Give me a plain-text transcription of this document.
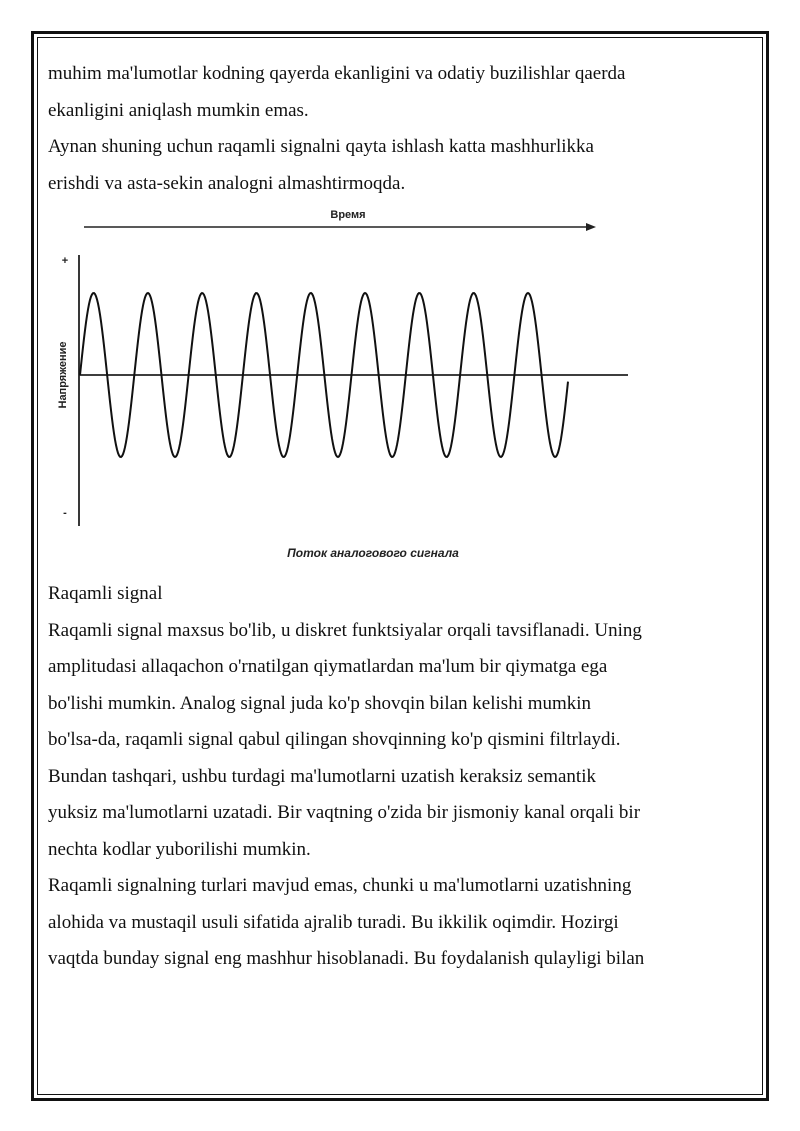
muhim ma'lumotlar kodning qayerda ekanligini va odatiy buzilishlar qaerda
ekanligini aniqlash mumkin emas.

Aynan shuning uchun raqamli signalni qayta ishlash katta mashhurlikka
erishdi va asta-sekin analogni almashtirmoqda.

Время
+
-
Напряжение
Поток аналогового сигнала

Raqamli signal

Raqamli signal maxsus bo'lib, u diskret funktsiyalar orqali tavsiflanadi. Uning
amplitudasi allaqachon o'rnatilgan qiymatlardan ma'lum bir qiymatga ega
bo'lishi mumkin. Analog signal juda ko'p shovqin bilan kelishi mumkin
bo'lsa-da, raqamli signal qabul qilingan shovqinning ko'p qismini filtrlaydi.
Bundan tashqari, ushbu turdagi ma'lumotlarni uzatish keraksiz semantik
yuksiz ma'lumotlarni uzatadi. Bir vaqtning o'zida bir jismoniy kanal orqali bir
nechta kodlar yuborilishi mumkin.

Raqamli signalning turlari mavjud emas, chunki u ma'lumotlarni uzatishning
alohida va mustaqil usuli sifatida ajralib turadi. Bu ikkilik oqimdir. Hozirgi
vaqtda bunday signal eng mashhur hisoblanadi. Bu foydalanish qulayligi bilan
